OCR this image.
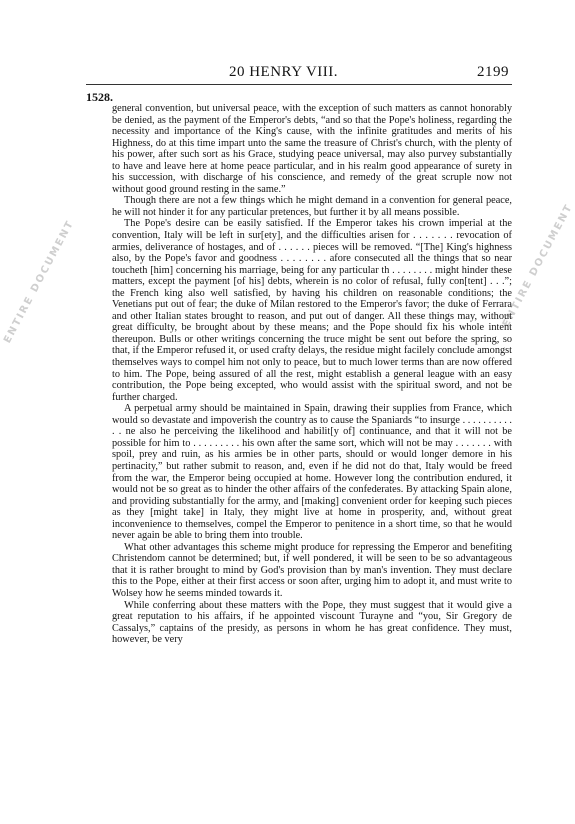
20 HENRY VIII.	2199
1528.
ENTIRE DOCUMENT	ENTIRE DOCUMENT

general convention, but universal peace, with the exception of such matters as cannot honorably be denied, as the payment of the Emperor's debts, “and so that the Pope's holiness, regarding the necessity and importance of the King's cause, with the infinite gratitudes and merits of his Highness, do at this time impart unto the same the treasure of Christ's church, with the plenty of his power, after such sort as his Grace, studying peace universal, may also purvey substantially to have and leave here at home peace particular, and in his realm good appearance of surety in his succession, with discharge of his conscience, and remedy of the great scruple now not without good ground resting in the same.”

Though there are not a few things which he might demand in a convention for general peace, he will not hinder it for any particular pretences, but further it by all means possible.

The Pope's desire can be easily satisfied. If the Emperor takes his crown imperial at the convention, Italy will be left in sur[ety], and the difficulties arisen for . . . . . . . revocation of armies, deliverance of hostages, and of . . . . . . pieces will be removed. “[The] King's highness also, by the Pope's favor and goodness . . . . . . . . afore consecuted all the things that so near toucheth [him] concerning his marriage, being for any particular th . . . . . . . . might hinder these matters, except the payment [of his] debts, wherein is no color of refusal, fully con[tent] . . .”; the French king also well satisfied, by having his children on reasonable conditions; the Venetians put out of fear; the duke of Milan restored to the Emperor's favor; the duke of Ferrara and other Italian states brought to reason, and put out of danger. All these things may, without great difficulty, be brought about by these means; and the Pope should fix his whole intent thereupon. Bulls or other writings concerning the truce might be sent out before the spring, so that, if the Emperor refused it, or used crafty delays, the residue might facilely conclude amongst themselves ways to compel him not only to peace, but to much lower terms than are now offered to him. The Pope, being assured of all the rest, might establish a general league with an easy contribution, the Pope being excepted, who would assist with the spiritual sword, and not be further charged.

A perpetual army should be maintained in Spain, drawing their supplies from France, which would so devastate and impoverish the country as to cause the Spaniards “to insurge . . . . . . . . . . . . ne also he perceiving the likelihood and habilit[y of] continuance, and that it will not be possible for him to . . . . . . . . . his own after the same sort, which will not be may . . . . . . . with spoil, prey and ruin, as his armies be in other parts, should or would longer demore in his pertinacity,” but rather submit to reason, and, even if he did not do that, Italy would be freed from the war, the Emperor being occupied at home. However long the contribution endured, it would not be so great as to hinder the other affairs of the confederates. By attacking Spain alone, and providing substantially for the army, and [making] convenient order for keeping such pieces as they [might take] in Italy, they might live at home in prosperity, and, without great inconvenience to themselves, compel the Emperor to penitence in a short time, so that he would never again be able to bring them into trouble.

What other advantages this scheme might produce for repressing the Emperor and benefiting Christendom cannot be determined; but, if well pondered, it will be seen to be so advantageous that it is rather brought to mind by God's provision than by man's invention. They must declare this to the Pope, either at their first access or soon after, urging him to adopt it, and must write to Wolsey how he seems minded towards it.

While conferring about these matters with the Pope, they must suggest that it would give a great reputation to his affairs, if he appointed viscount Turayne and “you, Sir Gregory de Cassalys,” captains of the presidy, as persons in whom he has great confidence. They must, however, be very
